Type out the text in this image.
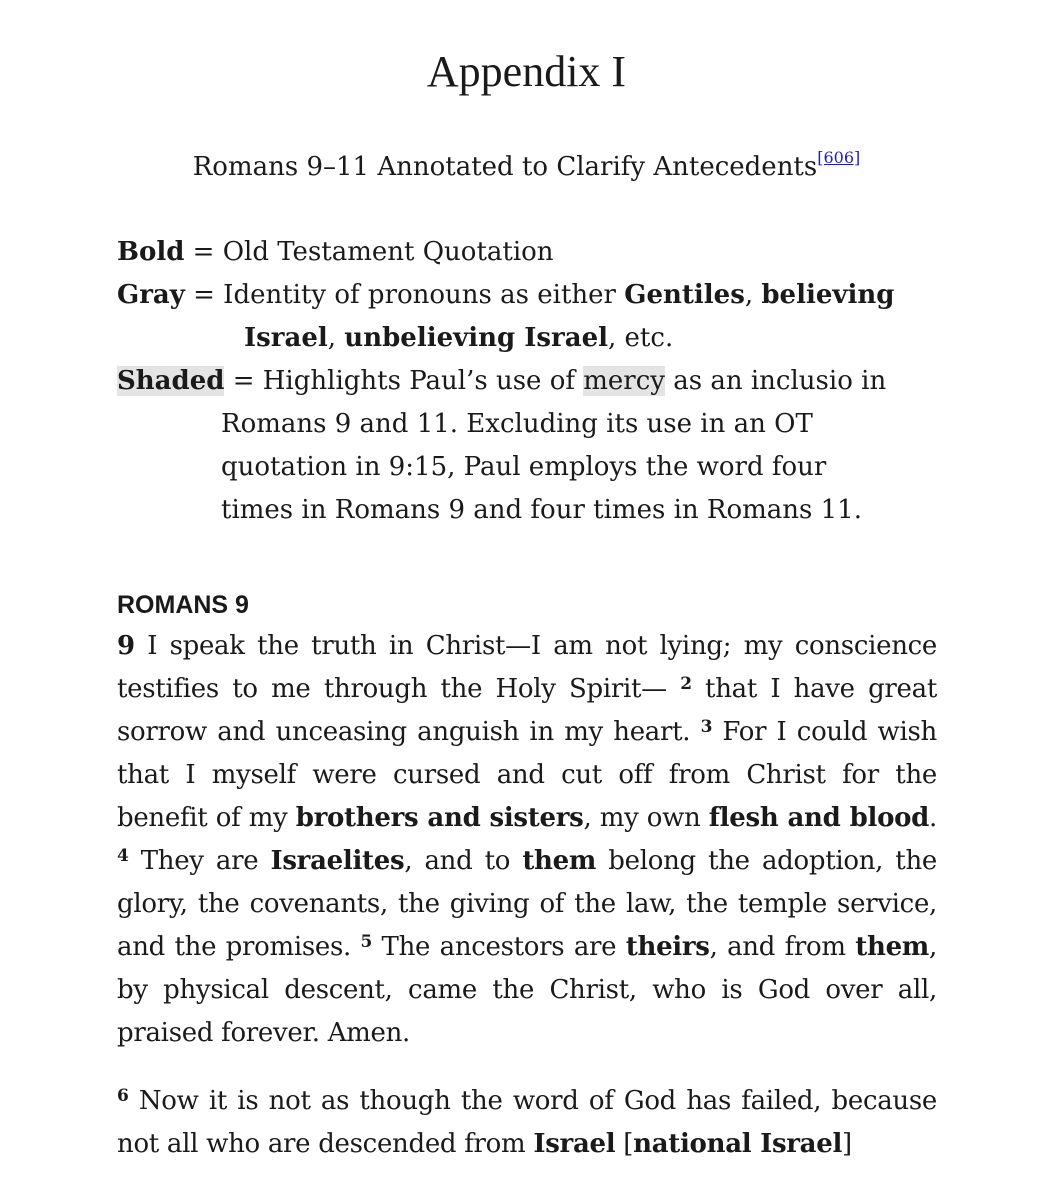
Appendix I
Romans 9–11 Annotated to Clarify Antecedents[606]
Bold = Old Testament Quotation
Gray = Identity of pronouns as either Gentiles, believing
Israel, unbelieving Israel, etc.
Shaded = Highlights Paul’s use of mercy as an inclusio in
Romans 9 and 11. Excluding its use in an OT
quotation in 9:15, Paul employs the word four
times in Romans 9 and four times in Romans 11.
ROMANS 9

9 I speak the truth in Christ—I am not lying; my conscience testifies to me through the Holy Spirit— $^2$ that I have great sorrow and unceasing anguish in my heart. $^3$ For I could wish that I myself were cursed and cut off from Christ for the benefit of my brothers and sisters, my own flesh and blood. $^4$ They are Israelites, and to them belong the adoption, the glory, the covenants, the giving of the law, the temple service, and the promises. $^5$ The ancestors are theirs, and from them, by physical descent, came the Christ, who is God over all, praised forever. Amen.

$^6$ Now it is not as though the word of God has failed, because not all who are descended from Israel [national Israel]
